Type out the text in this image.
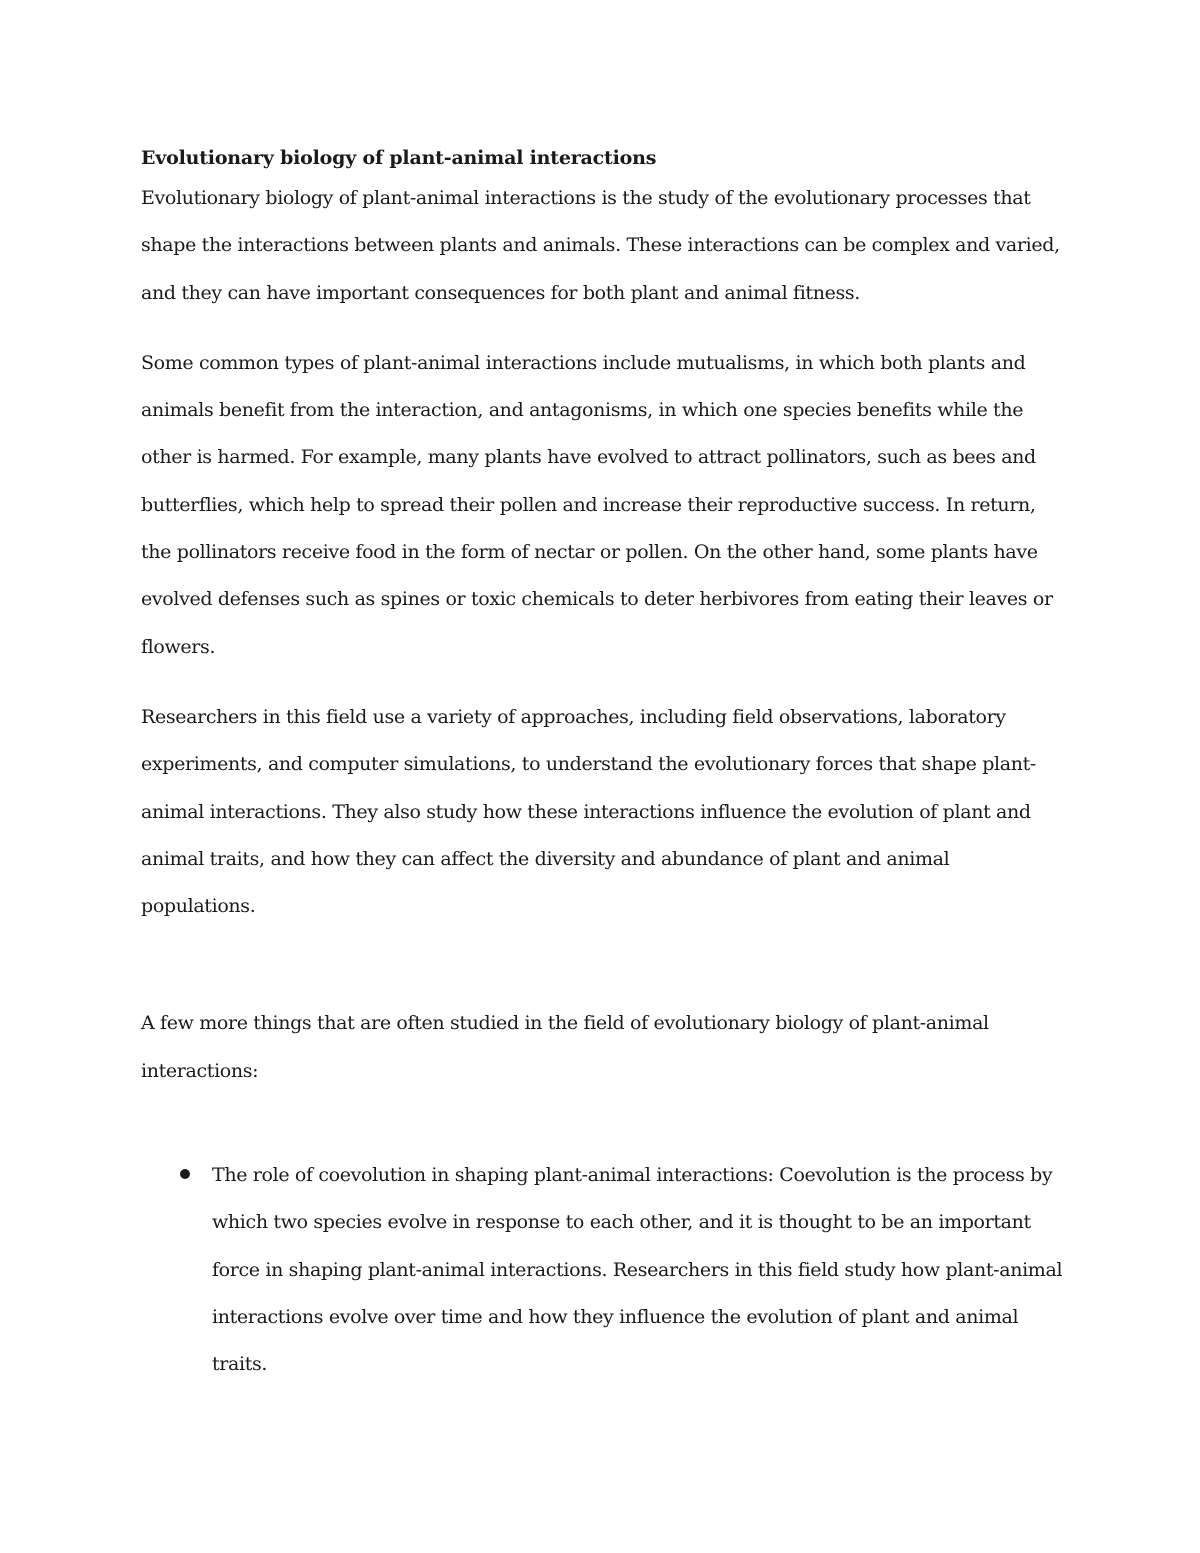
Evolutionary biology of plant-animal interactions

Evolutionary biology of plant-animal interactions is the study of the evolutionary processes that shape the interactions between plants and animals. These interactions can be complex and varied, and they can have important consequences for both plant and animal fitness.

Some common types of plant-animal interactions include mutualisms, in which both plants and animals benefit from the interaction, and antagonisms, in which one species benefits while the other is harmed. For example, many plants have evolved to attract pollinators, such as bees and butterflies, which help to spread their pollen and increase their reproductive success. In return, the pollinators receive food in the form of nectar or pollen. On the other hand, some plants have evolved defenses such as spines or toxic chemicals to deter herbivores from eating their leaves or flowers.

Researchers in this field use a variety of approaches, including field observations, laboratory experiments, and computer simulations, to understand the evolutionary forces that shape plant-animal interactions. They also study how these interactions influence the evolution of plant and animal traits, and how they can affect the diversity and abundance of plant and animal populations.

A few more things that are often studied in the field of evolutionary biology of plant-animal interactions:

The role of coevolution in shaping plant-animal interactions: Coevolution is the process by which two species evolve in response to each other, and it is thought to be an important force in shaping plant-animal interactions. Researchers in this field study how plant-animal interactions evolve over time and how they influence the evolution of plant and animal traits.
